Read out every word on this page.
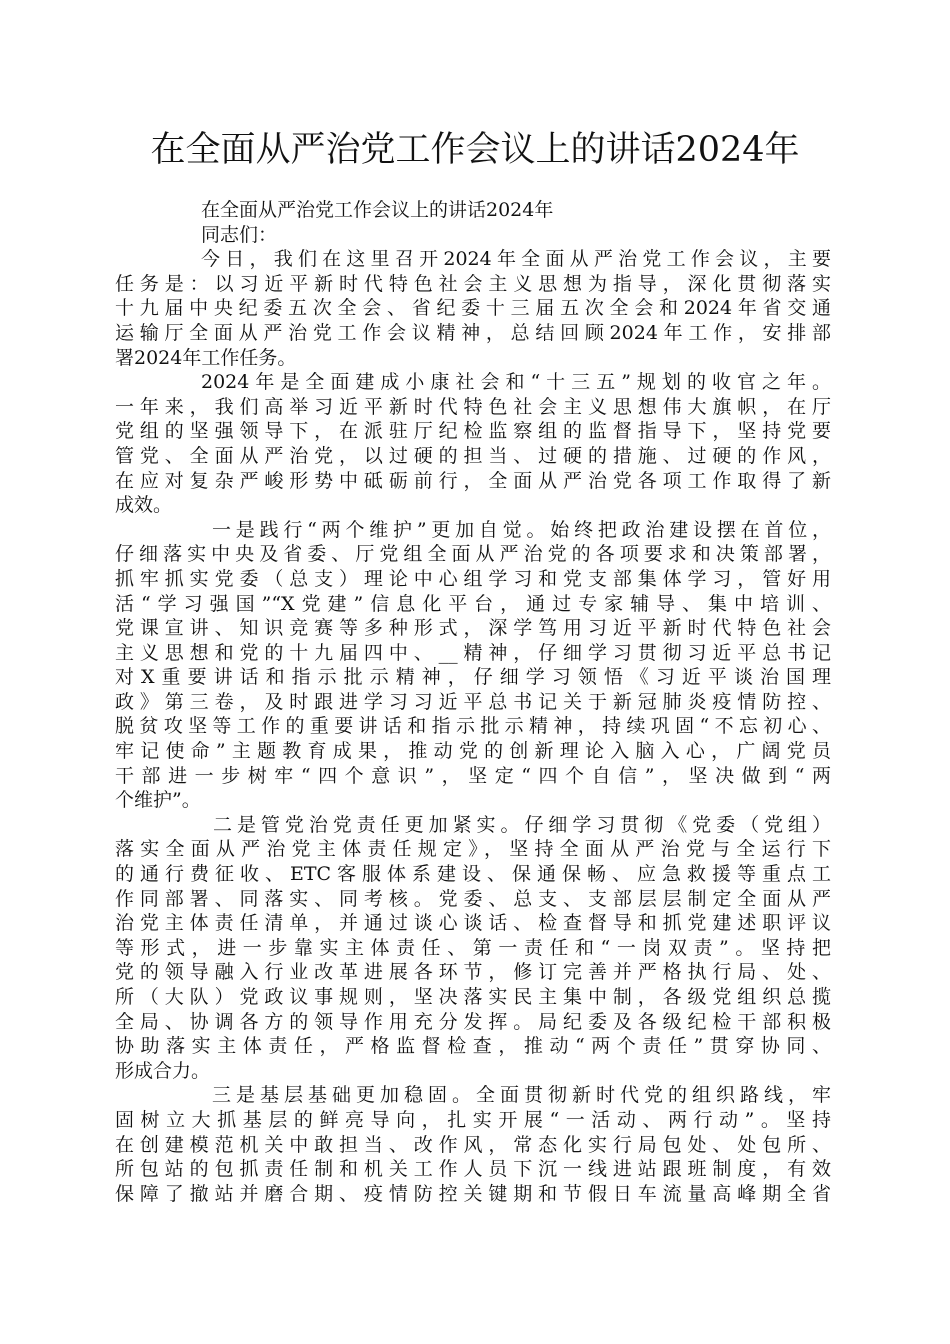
在全面从严治党工作会议上的讲话2024年
在全面从严治党工作会议上的讲话2024年
同志们：
今日，我们在这里召开2024年全面从严治党工作会议，主要
任务是：以习近平新时代特色社会主义思想为指导，深化贯彻落实
十九届中央纪委五次全会、省纪委十三届五次全会和2024年省交通
运输厅全面从严治党工作会议精神，总结回顾2024年工作，安排部
署2024年工作任务。
2024年是全面建成小康社会和“十三五”规划的收官之年。
一年来，我们高举习近平新时代特色社会主义思想伟大旗帜，在厅
党组的坚强领导下，在派驻厅纪检监察组的监督指导下，坚持党要
管党、全面从严治党，以过硬的担当、过硬的措施、过硬的作风，
在应对复杂严峻形势中砥砺前行，全面从严治党各项工作取得了新
成效。
一是践行“两个维护”更加自觉。始终把政治建设摆在首位，
仔细落实中央及省委、厅党组全面从严治党的各项要求和决策部署，
抓牢抓实党委（总支）理论中心组学习和党支部集体学习，管好用
活“学习强国”“X党建”信息化平台，通过专家辅导、集中培训、
党课宣讲、知识竞赛等多种形式，深学笃用习近平新时代特色社会
主义思想和党的十九届四中、__精神，仔细学习贯彻习近平总书记
对X重要讲话和指示批示精神，仔细学习领悟《习近平谈治国理
政》第三卷，及时跟进学习习近平总书记关于新冠肺炎疫情防控、
脱贫攻坚等工作的重要讲话和指示批示精神，持续巩固“不忘初心、
牢记使命”主题教育成果，推动党的创新理论入脑入心，广阔党员
干部进一步树牢“四个意识”，坚定“四个自信”，坚决做到“两
个维护”。
二是管党治党责任更加紧实。仔细学习贯彻《党委（党组）
落实全面从严治党主体责任规定》，坚持全面从严治党与全运行下
的通行费征收、ETC客服体系建设、保通保畅、应急救援等重点工
作同部署、同落实、同考核。党委、总支、支部层层制定全面从严
治党主体责任清单，并通过谈心谈话、检查督导和抓党建述职评议
等形式，进一步靠实主体责任、第一责任和“一岗双责”。坚持把
党的领导融入行业改革进展各环节，修订完善并严格执行局、处、
所（大队）党政议事规则，坚决落实民主集中制，各级党组织总揽
全局、协调各方的领导作用充分发挥。局纪委及各级纪检干部积极
协助落实主体责任，严格监督检查，推动“两个责任”贯穿协同、
形成合力。
三是基层基础更加稳固。全面贯彻新时代党的组织路线，牢
固树立大抓基层的鲜亮导向，扎实开展“一活动、两行动”。坚持
在创建模范机关中敢担当、改作风，常态化实行局包处、处包所、
所包站的包抓责任制和机关工作人员下沉一线进站跟班制度，有效
保障了撤站并磨合期、疫情防控关键期和节假日车流量高峰期全省
